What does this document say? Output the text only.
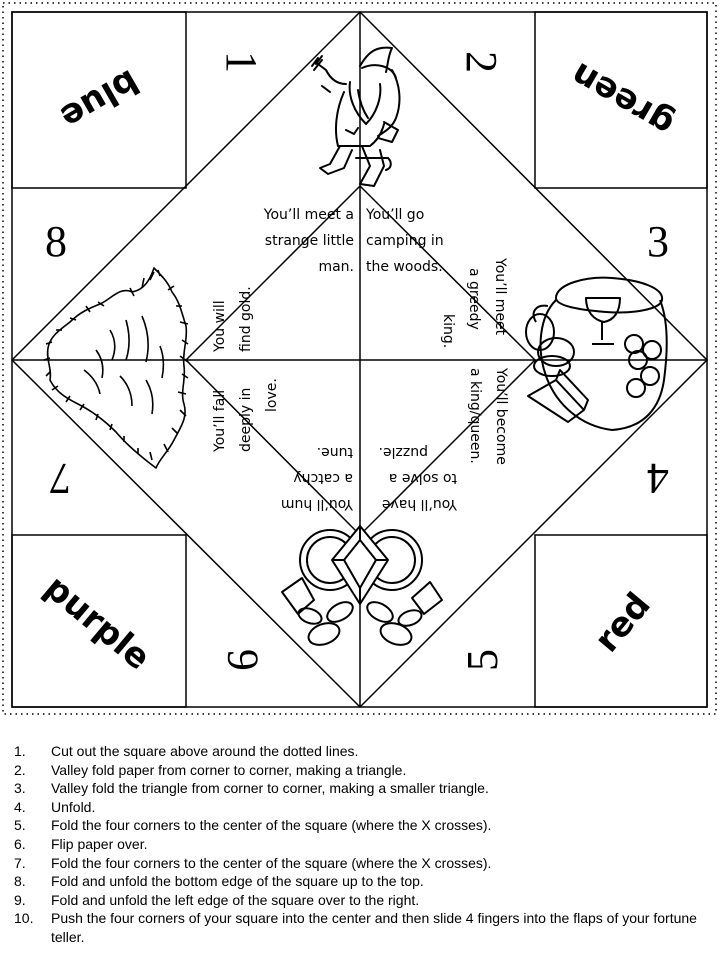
blue	green
purple	red
1	2
3
4
5
6
7
8
You’ll meet a
strange little
man.
You’ll go
camping in
the woods.	You’ll meet
a greedy
king.
You’ll become
a king/queen.
You’ll have
to solve a
puzzle.
You’ll hum
a catchy
tune.
You’ll fall deeply in love.
You will find gold.
1.	Cut out the square above around the dotted lines.
2.	Valley fold paper from corner to corner, making a triangle.
3.	Valley fold the triangle from corner to corner, making a smaller triangle.
4.	Unfold.
5.	Fold the four corners to the center of the square (where the X crosses).
6.	Flip paper over.
7.	Fold the four corners to the center of the square (where the X crosses).
8.	Fold and unfold the bottom edge of the square up to the top.
9.	Fold and unfold the left edge of the square over to the right.
10.	Push the four corners of your square into the center and then slide 4 fingers into the flaps of your fortune teller.
